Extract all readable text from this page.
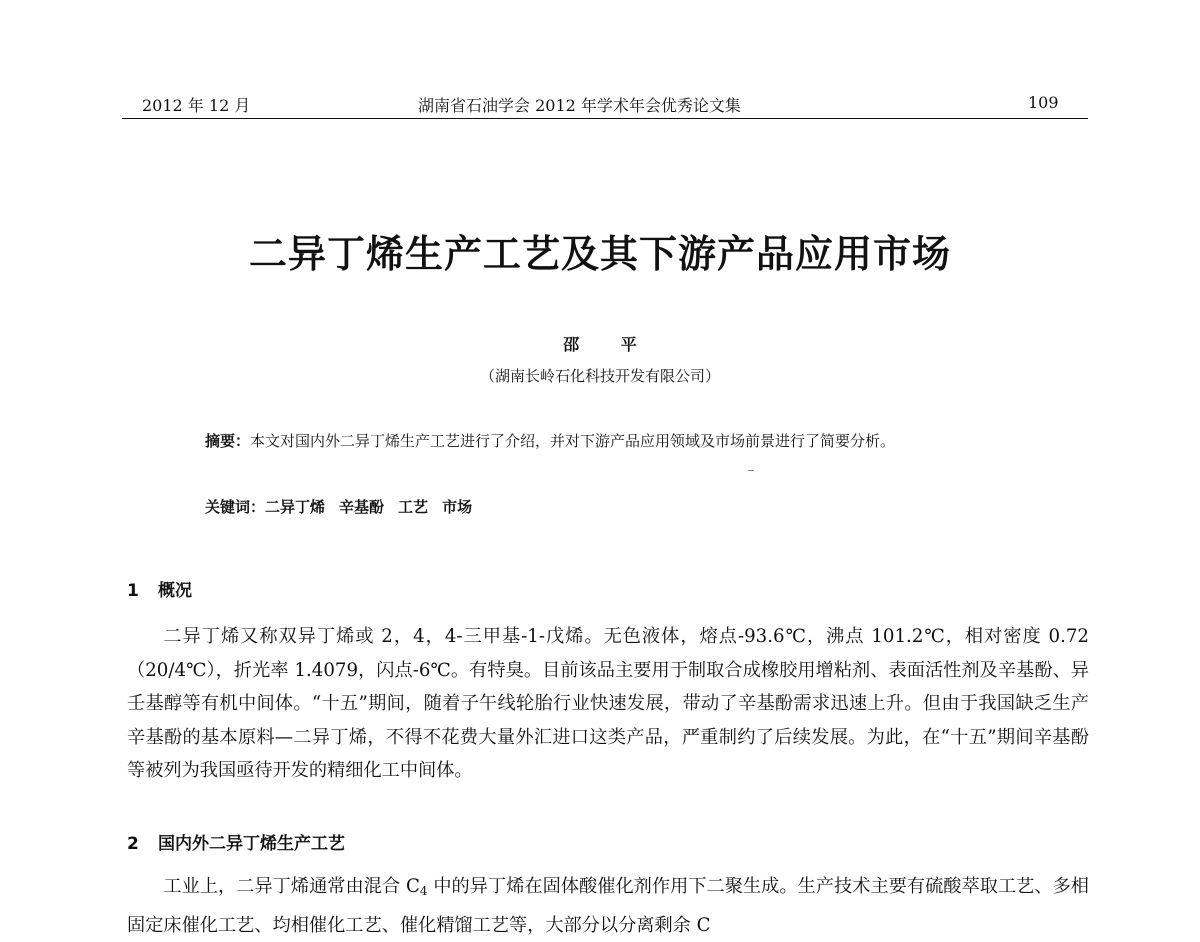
2012 年 12 月	湖南省石油学会 2012 年学术年会优秀论文集	109
二异丁烯生产工艺及其下游产品应用市场
邵 平
（湖南长岭石化科技开发有限公司）
摘要：本文对国内外二异丁烯生产工艺进行了介绍，并对下游产品应用领域及市场前景进行了简要分析。
关键词：二异丁烯 辛基酚 工艺 市场
1 概况
二异丁烯又称双异丁烯或 2，4，4-三甲基-1-戊烯。无色液体，熔点-93.6℃，沸点 101.2℃，相对密度 0.72（20/4℃），折光率 1.4079，闪点-6℃。有特臭。目前该品主要用于制取合成橡胶用增粘剂、表面活性剂及辛基酚、异壬基醇等有机中间体。“十五”期间，随着子午线轮胎行业快速发展，带动了辛基酚需求迅速上升。但由于我国缺乏生产辛基酚的基本原料—二异丁烯，不得不花费大量外汇进口这类产品，严重制约了后续发展。为此，在“十五”期间辛基酚等被列为我国亟待开发的精细化工中间体。
2 国内外二异丁烯生产工艺
工业上，二异丁烯通常由混合 $C_4$ 中的异丁烯在固体酸催化剂作用下二聚生成。生产技术主要有硫酸萃取工艺、多相固定床催化工艺、均相催化工艺、催化精馏工艺等，大部分以分离剩余 C
